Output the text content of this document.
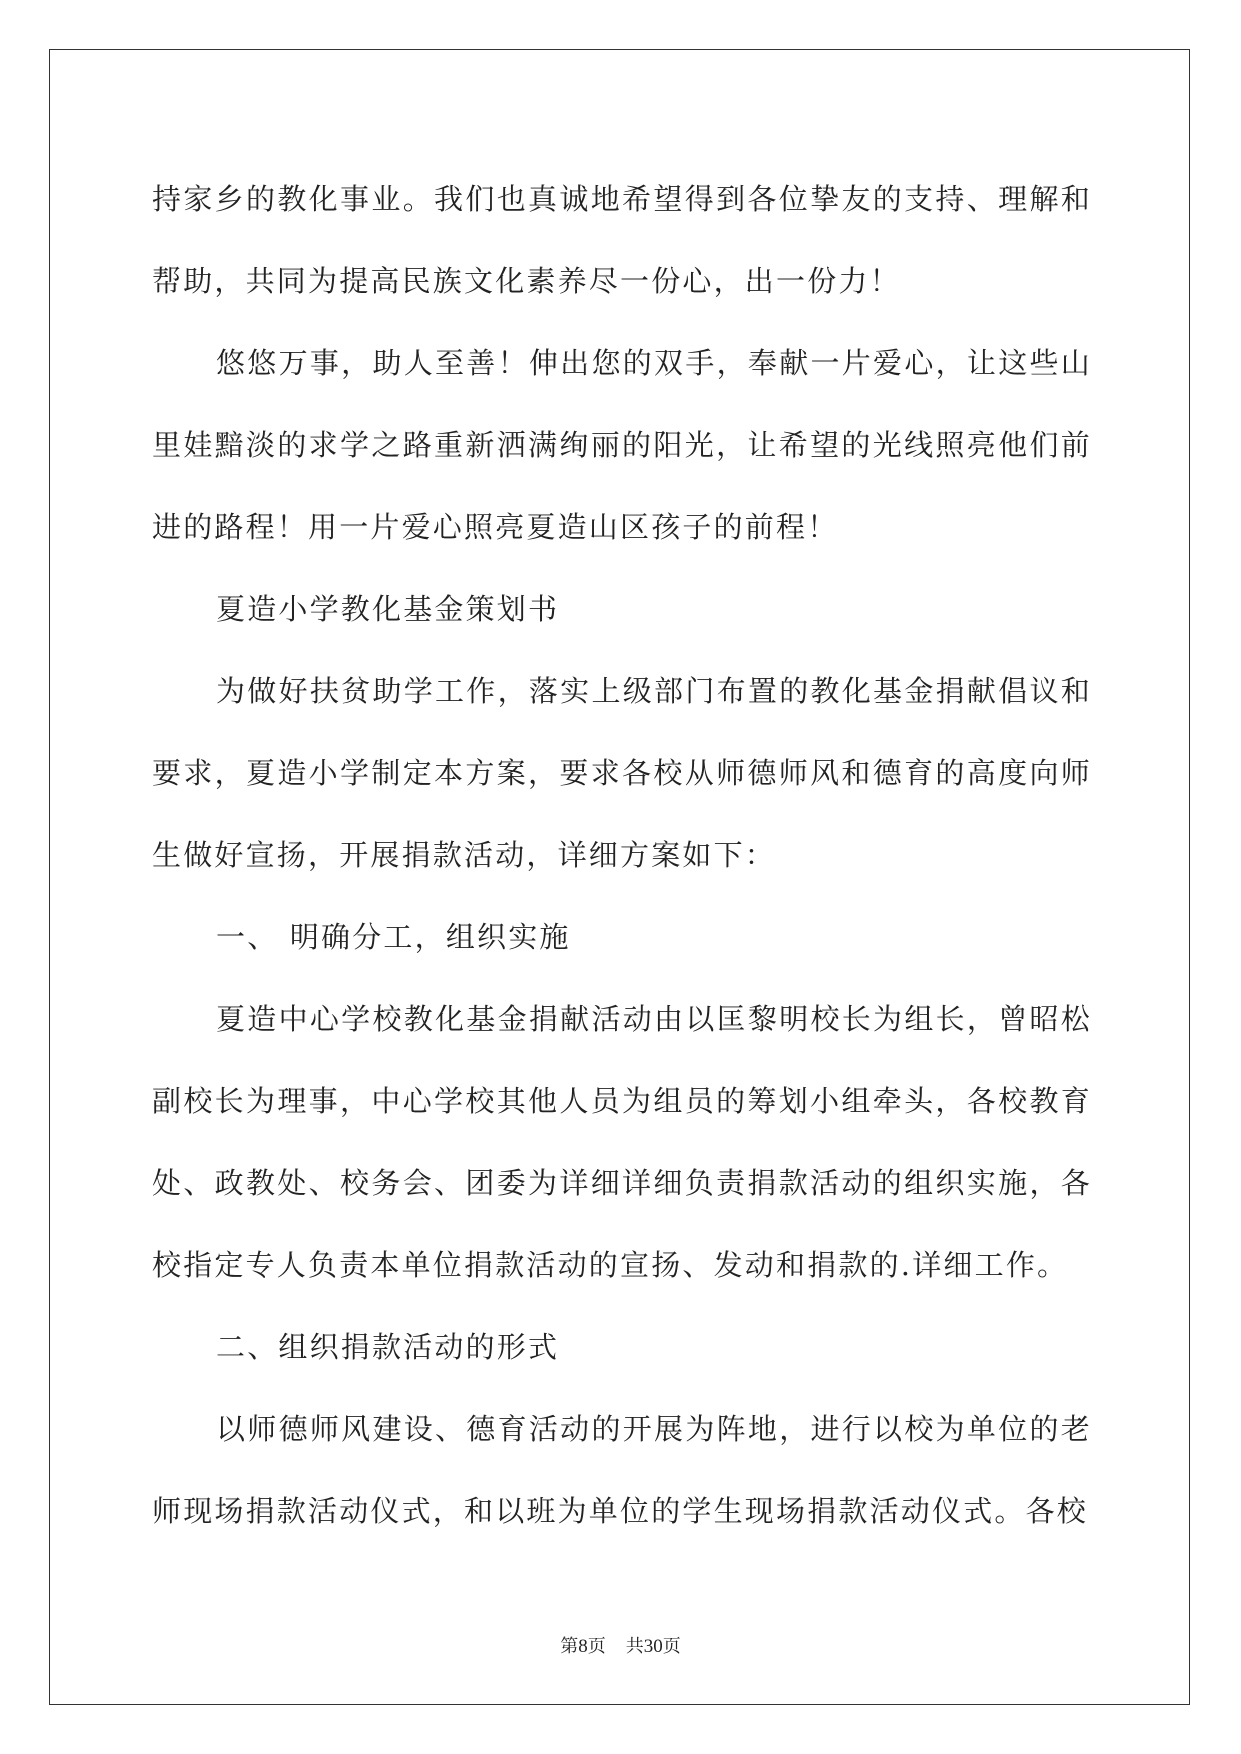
持家乡的教化事业。我们也真诚地希望得到各位挚友的支持、理解和帮助，共同为提高民族文化素养尽一份心，出一份力！

悠悠万事，助人至善！伸出您的双手，奉献一片爱心，让这些山里娃黯淡的求学之路重新洒满绚丽的阳光，让希望的光线照亮他们前进的路程！用一片爱心照亮夏造山区孩子的前程！

夏造小学教化基金策划书

为做好扶贫助学工作，落实上级部门布置的教化基金捐献倡议和要求，夏造小学制定本方案，要求各校从师德师风和德育的高度向师生做好宣扬，开展捐款活动，详细方案如下：

一、 明确分工，组织实施

夏造中心学校教化基金捐献活动由以匡黎明校长为组长，曾昭松副校长为理事，中心学校其他人员为组员的筹划小组牵头，各校教育处、政教处、校务会、团委为详细详细负责捐款活动的组织实施，各校指定专人负责本单位捐款活动的宣扬、发动和捐款的.详细工作。

二、组织捐款活动的形式

以师德师风建设、德育活动的开展为阵地，进行以校为单位的老师现场捐款活动仪式，和以班为单位的学生现场捐款活动仪式。各校

第8页 共30页
